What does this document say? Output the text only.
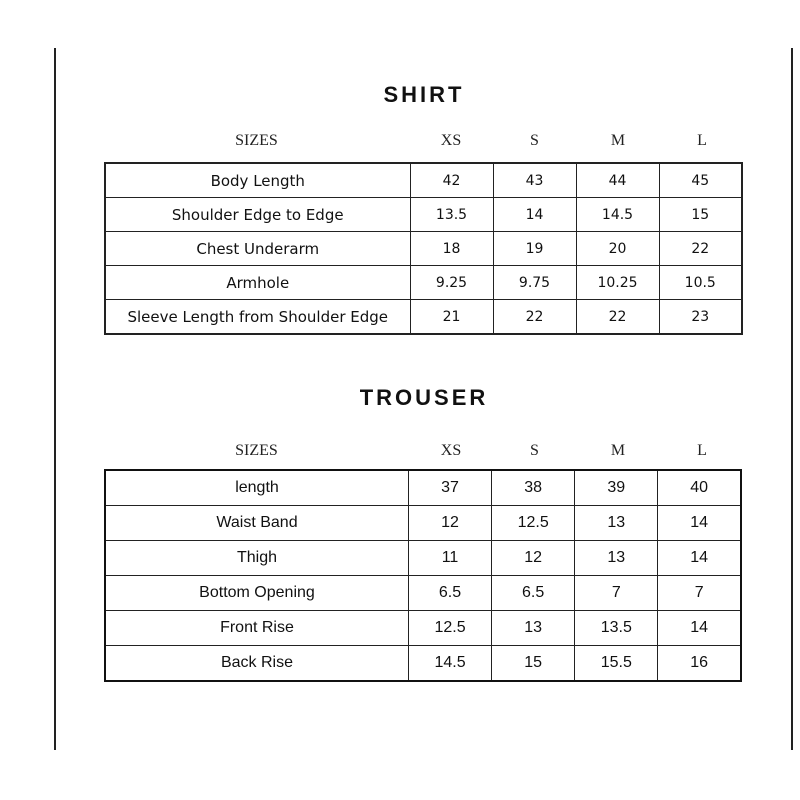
SHIRT
SIZES	XS	S	M	L
Body Length	42	43	44	45
Shoulder Edge to Edge	13.5	14	14.5	15
Chest Underarm	18	19	20	22
Armhole	9.25	9.75	10.25	10.5
Sleeve Length from Shoulder Edge	21	22	22	23
TROUSER
SIZES	XS	S	M	L
length	37	38	39	40
Waist Band	12	12.5	13	14
Thigh	11	12	13	14
Bottom Opening	6.5	6.5	7	7
Front Rise	12.5	13	13.5	14
Back Rise	14.5	15	15.5	16
